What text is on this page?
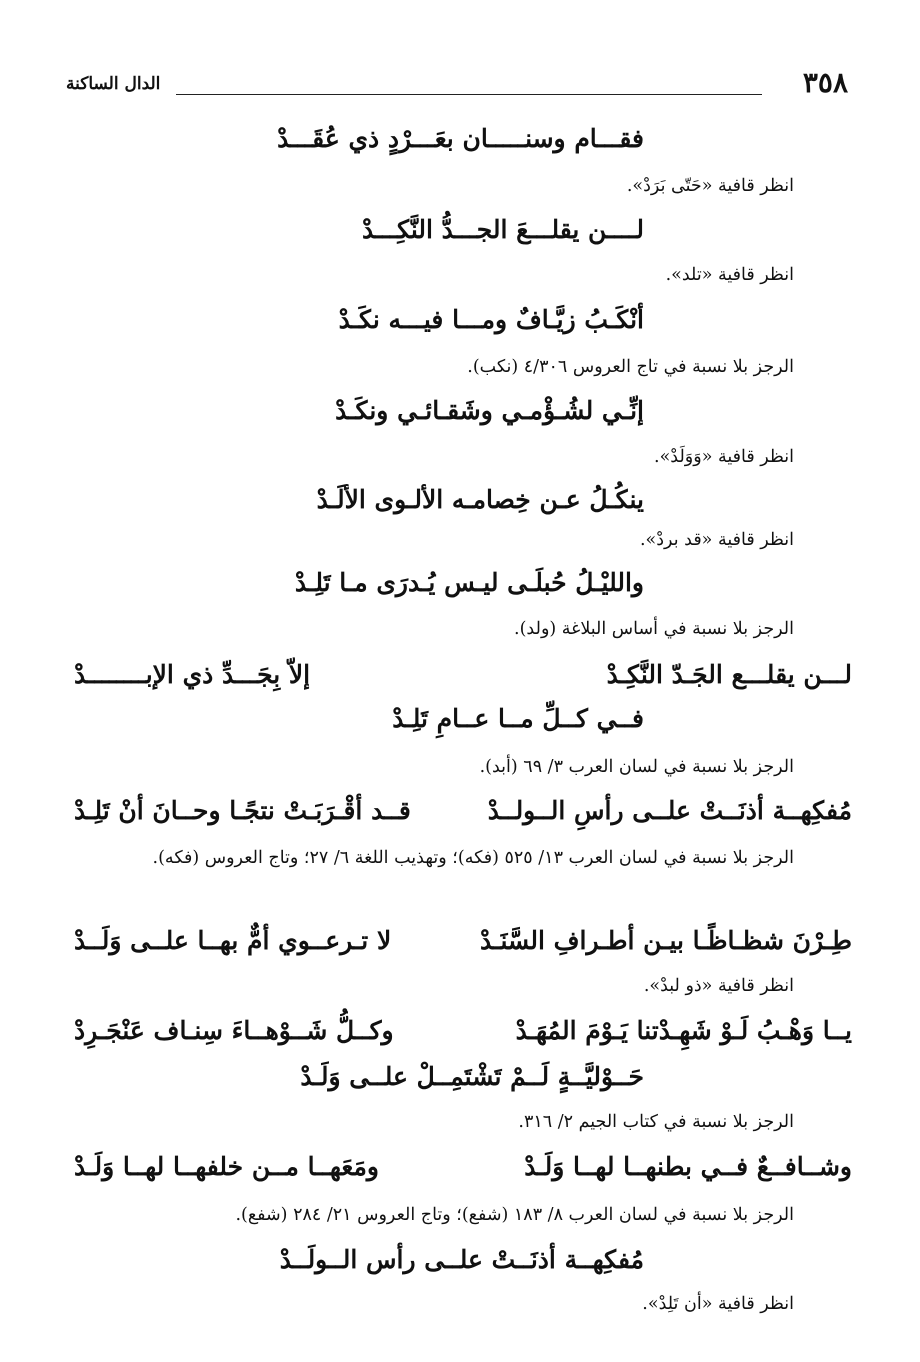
٣٥٨
الدال الساكنة
فقـــام وسنـــــان بعَـــرْدٍ ذي عُقَـــدْ
انظر قافية «حَتّى بَرَدْ».
لــــن يقلـــعَ الجـــدُّ النَّكِـــدْ
انظر قافية «تلد».
أنْكَـبُ زيَّـافٌ ومـــا فيـــه نكَـدْ
الرجز بلا نسبة في تاج العروس ٤/٣٠٦ (نكب).
إنِّـي لشُـؤْمـي وشَقـائـي ونكَـدْ
انظر قافية «وَوَلَدْ».
ينكُـلُ عـن خِصامـه الألـوى الألَـدْ
انظر قافية «قد بردْ».
والليْـلُ حُبلَـى ليـس يُـدرَى مـا تَلِـدْ
الرجز بلا نسبة في أساس البلاغة (ولد).
لـــن يقلـــع الجَـدّ النَّكِـدْ
إلاّ بِجَـــدِّ ذي الإبــــــــدْ
فــي كــلِّ مــا عــامِ تَلِـدْ
الرجز بلا نسبة في لسان العرب ٣/ ٦٩ (أبد).
مُفكِهــة أذنَــتْ علــى رأسِ الــولــدْ
قــد أقْـرَبَـتْ نتجًـا وحــانَ أنْ تَلِـدْ
الرجز بلا نسبة في لسان العرب ١٣/ ٥٢٥ (فكه)؛ وتهذيب اللغة ٦/ ٢٧؛ وتاج العروس (فكه).
طِـرْنَ شظـاظًـا بيـن أطـرافِ السَّنَـدْ
لا تـرعــوي أمٌّ بهــا علــى وَلَــدْ
انظر قافية «ذو لبدْ».
يــا وَهْـبُ لَـوْ شَهِـدْتنا يَـوْمَ المُهَـدْ
وكــلُّ شَــوْهــاءَ سِنـاف عَنْجَـرِدْ
حَــوْليَّــةٍ لَــمْ تَشْتَمِــلْ علــى وَلَـدْ
الرجز بلا نسبة في كتاب الجيم ٢/ ٣١٦.
وشــافــعٌ فــي بطنهــا لهــا وَلَـدْ
ومَعَهــا مــن خلفهــا لهــا وَلَـدْ
الرجز بلا نسبة في لسان العرب ٨/ ١٨٣ (شفع)؛ وتاج العروس ٢١/ ٢٨٤ (شفع).
مُفكِهــة أذنَــتْ علــى رأس الــولَــدْ
انظر قافية «أن تَلِدْ».
